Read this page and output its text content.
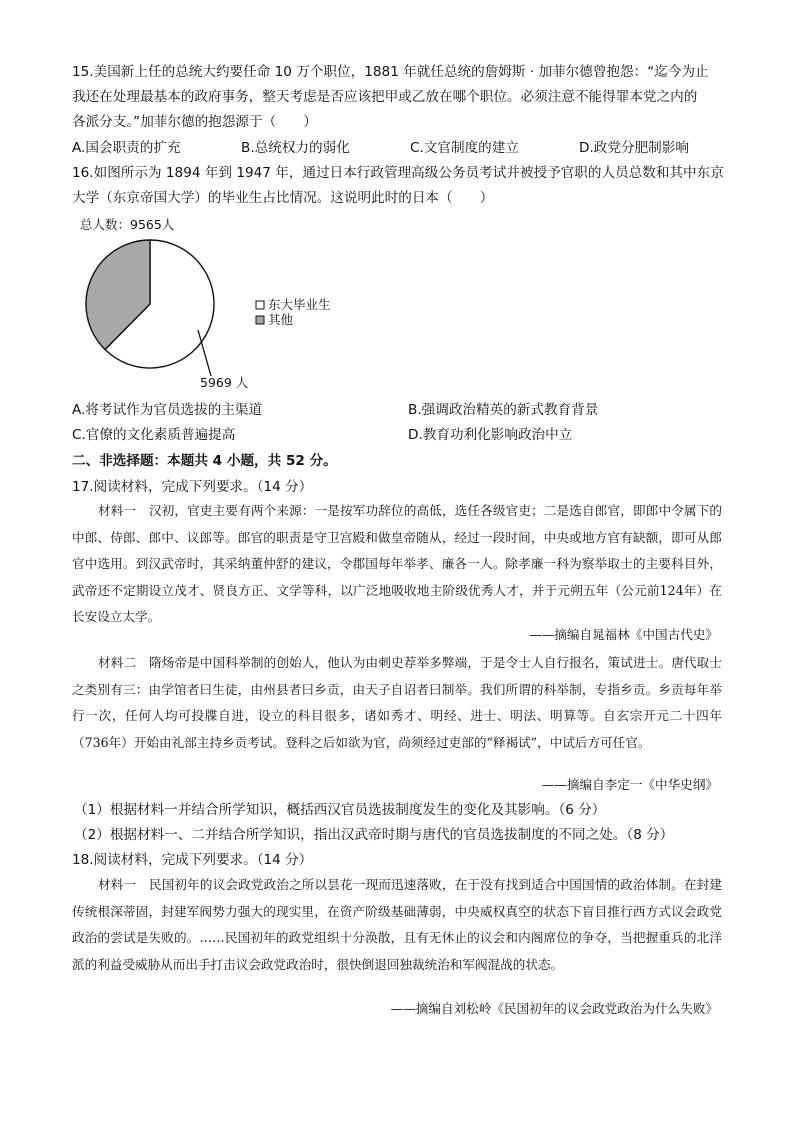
15.美国新上任的总统大约要任命 10 万个职位，1881 年就任总统的詹姆斯 · 加菲尔德曾抱怨：“迄今为止
我还在处理最基本的政府事务，整天考虑是否应该把甲或乙放在哪个职位。必须注意不能得罪本党之内的
各派分支。”加菲尔德的抱怨源于（　　）
A.国会职责的扩充	B.总统权力的弱化	C.文官制度的建立	D.政党分肥制影响
16.如图所示为 1894 年到 1947 年，通过日本行政管理高级公务员考试并被授予官职的人员总数和其中东京
大学（东京帝国大学）的毕业生占比情况。这说明此时的日本（　　）
总人数：9565人
5969 人
东大毕业生
其他
A.将考试作为官员选拔的主渠道	B.强调政治精英的新式教育背景
C.官僚的文化素质普遍提高	D.教育功利化影响政治中立
二、非选择题：本题共 4 小题，共 52 分。
17.阅读材料，完成下列要求。（14 分）

材料一　汉初，官吏主要有两个来源：一是按军功辞位的高低，选任各级官吏；二是选自郎官，即郎中令属下的中郎、侍郎、郎中、议郎等。郎官的职责是守卫宫殿和做皇帝随从，经过一段时间，中央或地方官有缺额，即可从郎官中选用。到汉武帝时，其采纳董仲舒的建议，令郡国每年举孝、廉各一人。除孝廉一科为察举取士的主要科目外，武帝还不定期设立茂才、贤良方正、文学等科，以广泛地吸收地主阶级优秀人才，并于元朔五年（公元前124年）在长安设立太学。

——摘编自晁福林《中国古代史》

材料二　隋炀帝是中国科举制的创始人，他认为由刺史荐举多弊端，于是令士人自行报名，策试进士。唐代取士之类别有三：由学馆者曰生徒，由州县者曰乡贡，由天子自诏者曰制举。我们所谓的科举制，专指乡贡。乡贡每年举行一次，任何人均可投牒自进，设立的科目很多，诸如秀才、明经、进士、明法、明算等。自玄宗开元二十四年（736年）开始由礼部主持乡贡考试。登科之后如欲为官，尚须经过吏部的“释褐试”，中试后方可任官。

——摘编自李定一《中华史纲》
（1）根据材料一并结合所学知识，概括西汉官员选拔制度发生的变化及其影响。（6 分）
（2）根据材料一、二并结合所学知识，指出汉武帝时期与唐代的官员选拔制度的不同之处。（8 分）
18.阅读材料，完成下列要求。（14 分）

材料一　民国初年的议会政党政治之所以昙花一现而迅速落败，在于没有找到适合中国国情的政治体制。在封建传统根深蒂固，封建军阀势力强大的现实里，在资产阶级基础薄弱，中央威权真空的状态下盲目推行西方式议会政党政治的尝试是失败的。……民国初年的政党组织十分涣散，且有无休止的议会和内阁席位的争夺，当把握重兵的北洋派的利益受威胁从而出手打击议会政党政治时，很快倒退回独裁统治和军阀混战的状态。

——摘编自刘松岭《民国初年的议会政党政治为什么失败》
